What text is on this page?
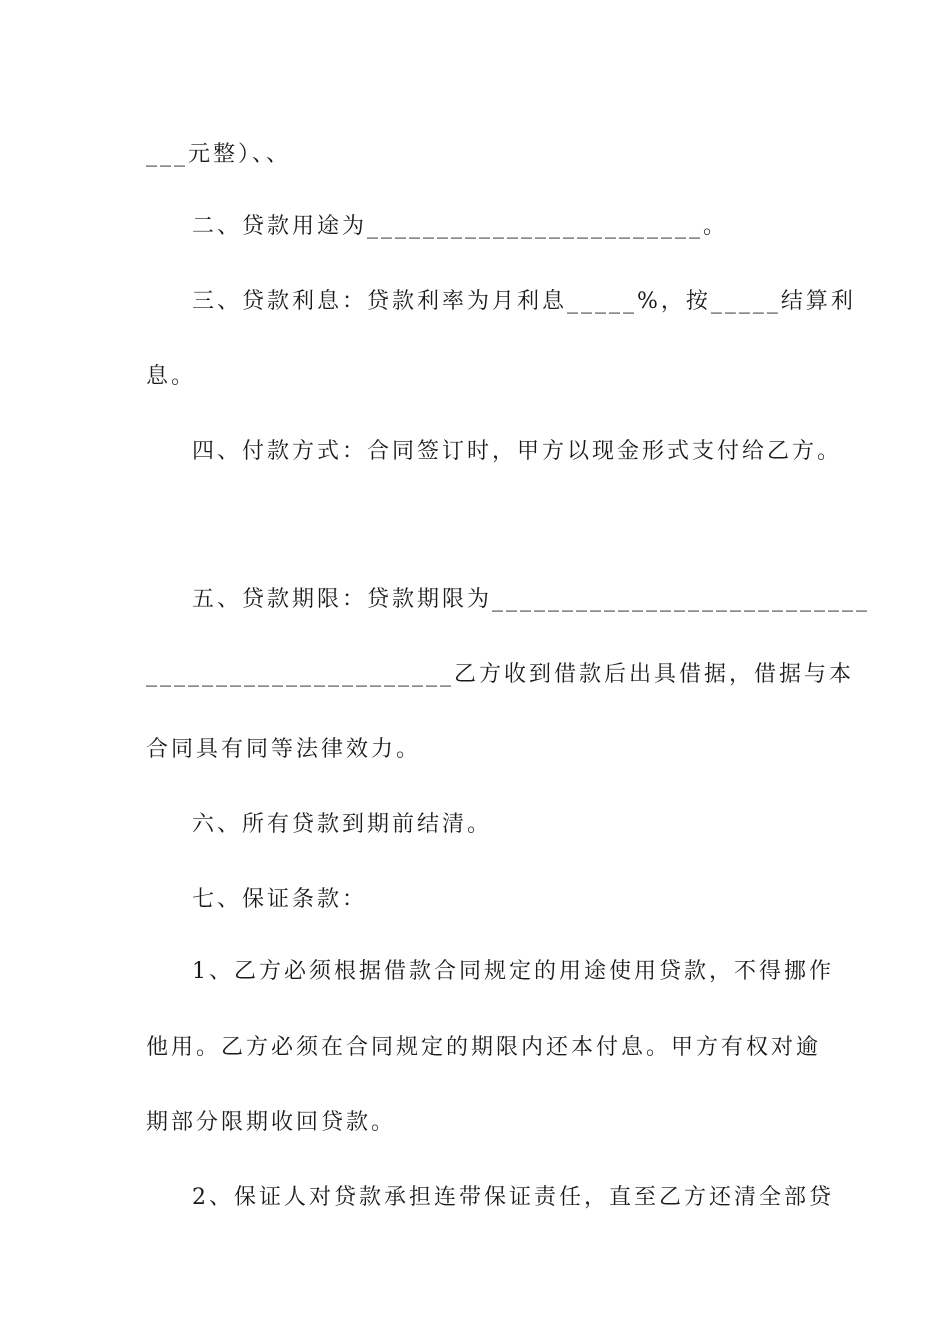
___元整）、、
二、贷款用途为________________________。
三、贷款利息：贷款利率为月利息_____%，按_____结算利
息。
四、付款方式：合同签订时，甲方以现金形式支付给乙方。
五、贷款期限：贷款期限为___________________________
______________________乙方收到借款后出具借据，借据与本
合同具有同等法律效力。
六、所有贷款到期前结清。
七、保证条款：
1、乙方必须根据借款合同规定的用途使用贷款，不得挪作
他用。乙方必须在合同规定的期限内还本付息。甲方有权对逾
期部分限期收回贷款。
2、保证人对贷款承担连带保证责任，直至乙方还清全部贷
